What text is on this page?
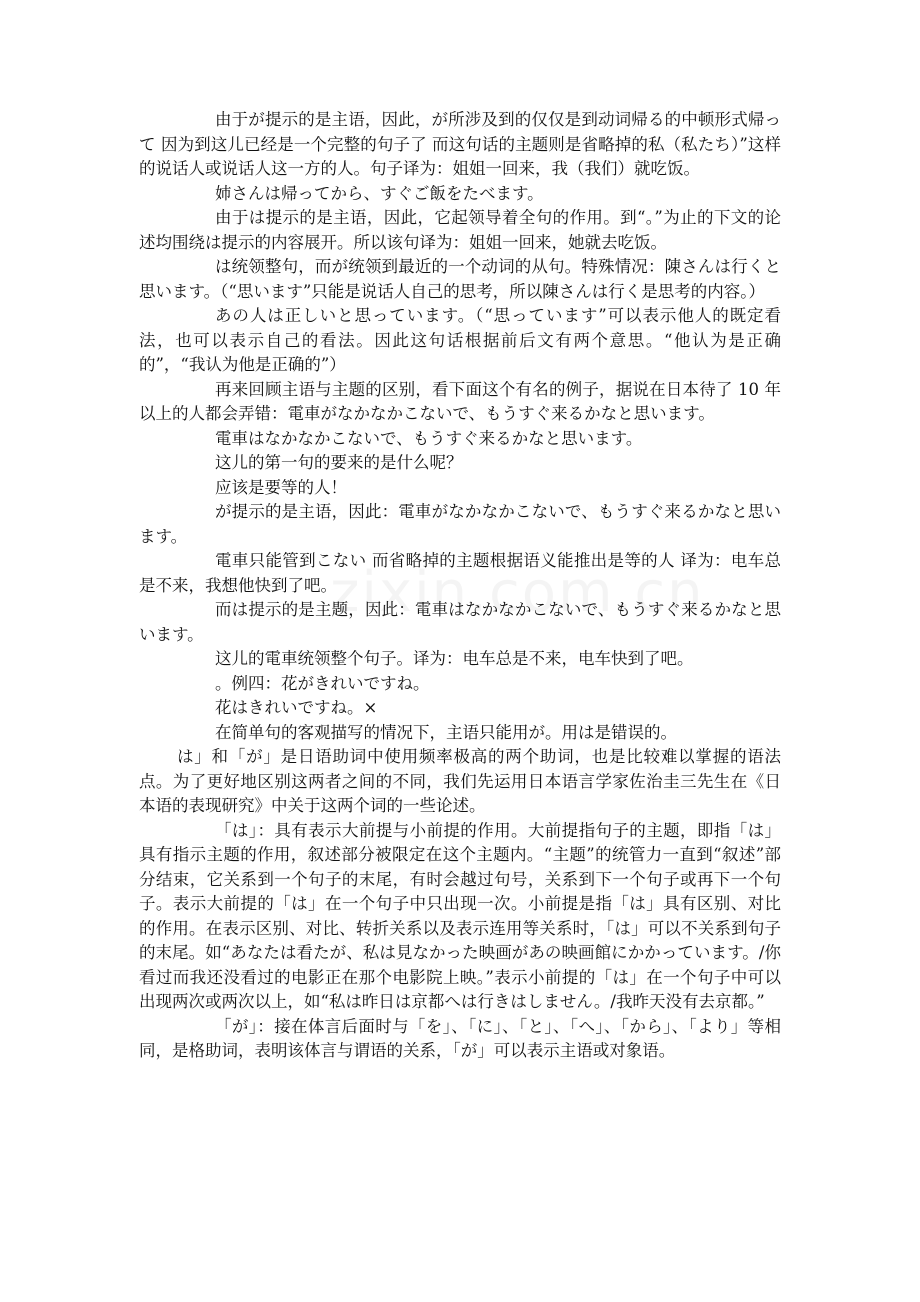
由于が提示的是主语，因此，が所涉及到的仅仅是到动词帰る的中顿形式帰って 因为到这儿已经是一个完整的句子了 而这句话的主题则是省略掉的私（私たち）”这样的说话人或说话人这一方的人。句子译为：姐姐一回来，我（我们）就吃饭。

姉さんは帰ってから、すぐご飯をたべます。

由于は提示的是主语，因此，它起领导着全句的作用。到“。”为止的下文的论述均围绕は提示的内容展开。所以该句译为：姐姐一回来，她就去吃饭。

は统领整句，而が统领到最近的一个动词的从句。特殊情况：陳さんは行くと思います。（“思います”只能是说话人自己的思考，所以陳さんは行く是思考的内容。）

あの人は正しいと思っています。（“思っています”可以表示他人的既定看法，也可以表示自己的看法。因此这句话根据前后文有两个意思。“他认为是正确的”，“我认为他是正确的”）

再来回顾主语与主题的区别，看下面这个有名的例子，据说在日本待了 10 年以上的人都会弄错：電車がなかなかこないで、もうすぐ来るかなと思います。

電車はなかなかこないで、もうすぐ来るかなと思います。

这儿的第一句的要来的是什么呢？

应该是要等的人！

が提示的是主语，因此：電車がなかなかこないで、もうすぐ来るかなと思います。

電車只能管到こない 而省略掉的主题根据语义能推出是等的人 译为：电车总是不来，我想他快到了吧。

而は提示的是主题，因此：電車はなかなかこないで、もうすぐ来るかなと思います。

这儿的電車统领整个句子。译为：电车总是不来，电车快到了吧。

。例四：花がきれいですね。

花はきれいですね。×

在简单句的客观描写的情况下，主语只能用が。用は是错误的。

は」和「が」是日语助词中使用频率极高的两个助词，也是比较难以掌握的语法点。为了更好地区别这两者之间的不同，我们先运用日本语言学家佐治圭三先生在《日本语的表现研究》中关于这两个词的一些论述。

「は」：具有表示大前提与小前提的作用。大前提指句子的主题，即指「は」具有指示主题的作用，叙述部分被限定在这个主题内。“主题”的统管力一直到“叙述”部分结束，它关系到一个句子的末尾，有时会越过句号，关系到下一个句子或再下一个句子。表示大前提的「は」在一个句子中只出现一次。小前提是指「は」具有区别、对比的作用。在表示区别、对比、转折关系以及表示连用等关系时，「は」可以不关系到句子的末尾。如“あなたは看たが、私は見なかった映画があの映画館にかかっています。/你看过而我还没看过的电影正在那个电影院上映。”表示小前提的「は」在一个句子中可以出现两次或两次以上，如“私は昨日は京都へは行きはしません。/我昨天没有去京都。”

「が」：接在体言后面时与「を」、「に」、「と」、「へ」、「から」、「より」等相同，是格助词，表明该体言与谓语的关系，「が」可以表示主语或对象语。
